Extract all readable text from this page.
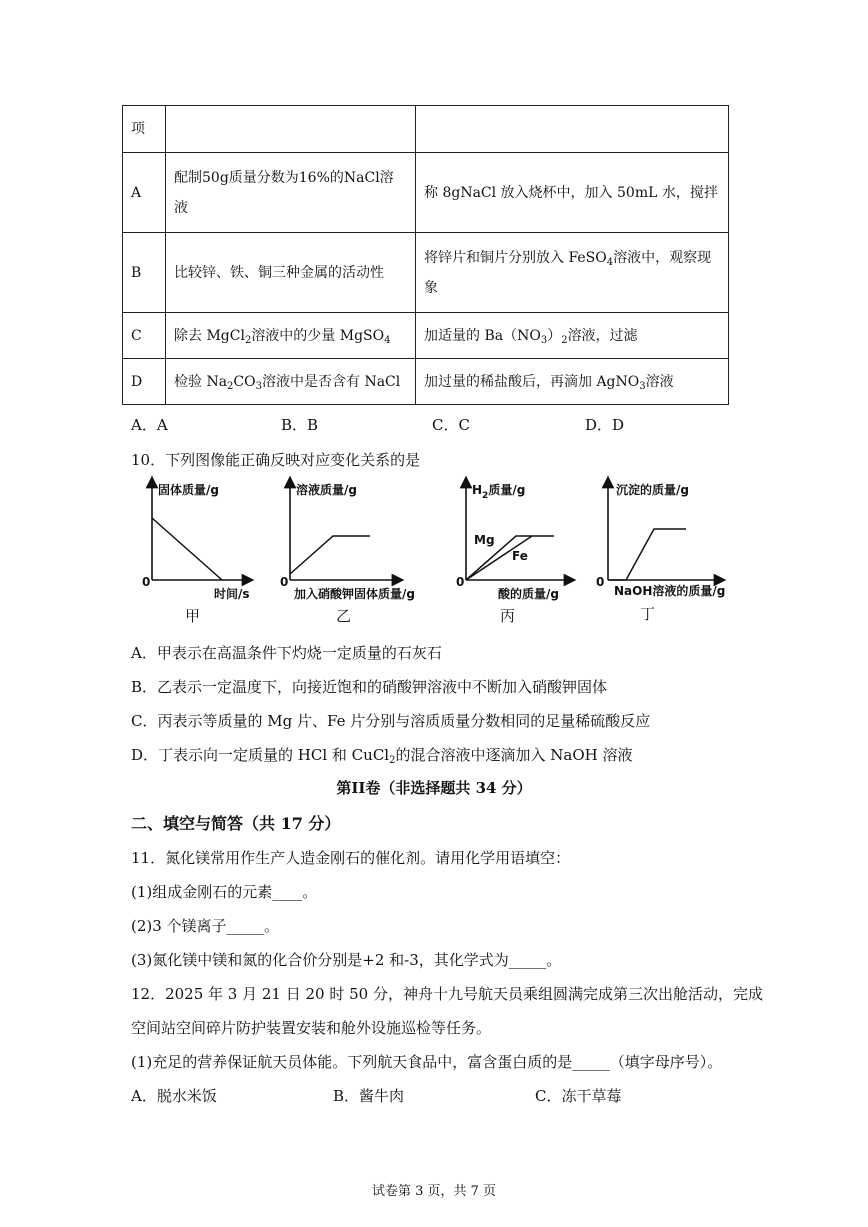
项		
A	配制50g质量分数为16%的NaCl溶液	称 8gNaCl 放入烧杯中，加入 50mL 水，搅拌
B	比较锌、铁、铜三种金属的活动性	将锌片和铜片分别放入 FeSO$_4$溶液中，观察现象
C	除去 MgCl$_2$溶液中的少量 MgSO$_4$	加适量的 $Ba(NO_3)_2$溶液，过滤
D	检验 $Na_2CO_3$溶液中是否含有 NaCl	加过量的稀盐酸后，再滴加 AgNO$_3$溶液
A．A	B．B	C．C	D．D
10．下列图像能正确反映对应变化关系的是
固体质量/g
0
时间/s
甲
溶液质量/g
0
加入硝酸钾固体质量/g
乙
$H_2$质量/g
Mg
Fe
0
酸的质量/g
丙
沉淀的质量/g
0
NaOH溶液的质量/g
丁
A．甲表示在高温条件下灼烧一定质量的石灰石
B．乙表示一定温度下，向接近饱和的硝酸钾溶液中不断加入硝酸钾固体
C．丙表示等质量的 Mg 片、Fe 片分别与溶质质量分数相同的足量稀硫酸反应
D．丁表示向一定质量的 HCl 和 CuCl$_2$的混合溶液中逐滴加入 NaOH 溶液
第II卷（非选择题共 34 分）
二、填空与简答（共 17 分）
11．氮化镁常用作生产人造金刚石的催化剂。请用化学用语填空：
(1)组成金刚石的元素____。
(2)3 个镁离子_____。
(3)氮化镁中镁和氮的化合价分别是+2 和-3，其化学式为_____。
12．2025 年 3 月 21 日 20 时 50 分，神舟十九号航天员乘组圆满完成第三次出舱活动，完成
空间站空间碎片防护装置安装和舱外设施巡检等任务。
(1)充足的营养保证航天员体能。下列航天食品中，富含蛋白质的是_____（填字母序号）。
A．脱水米饭	B．酱牛肉	C．冻干草莓
试卷第 3 页，共 7 页
